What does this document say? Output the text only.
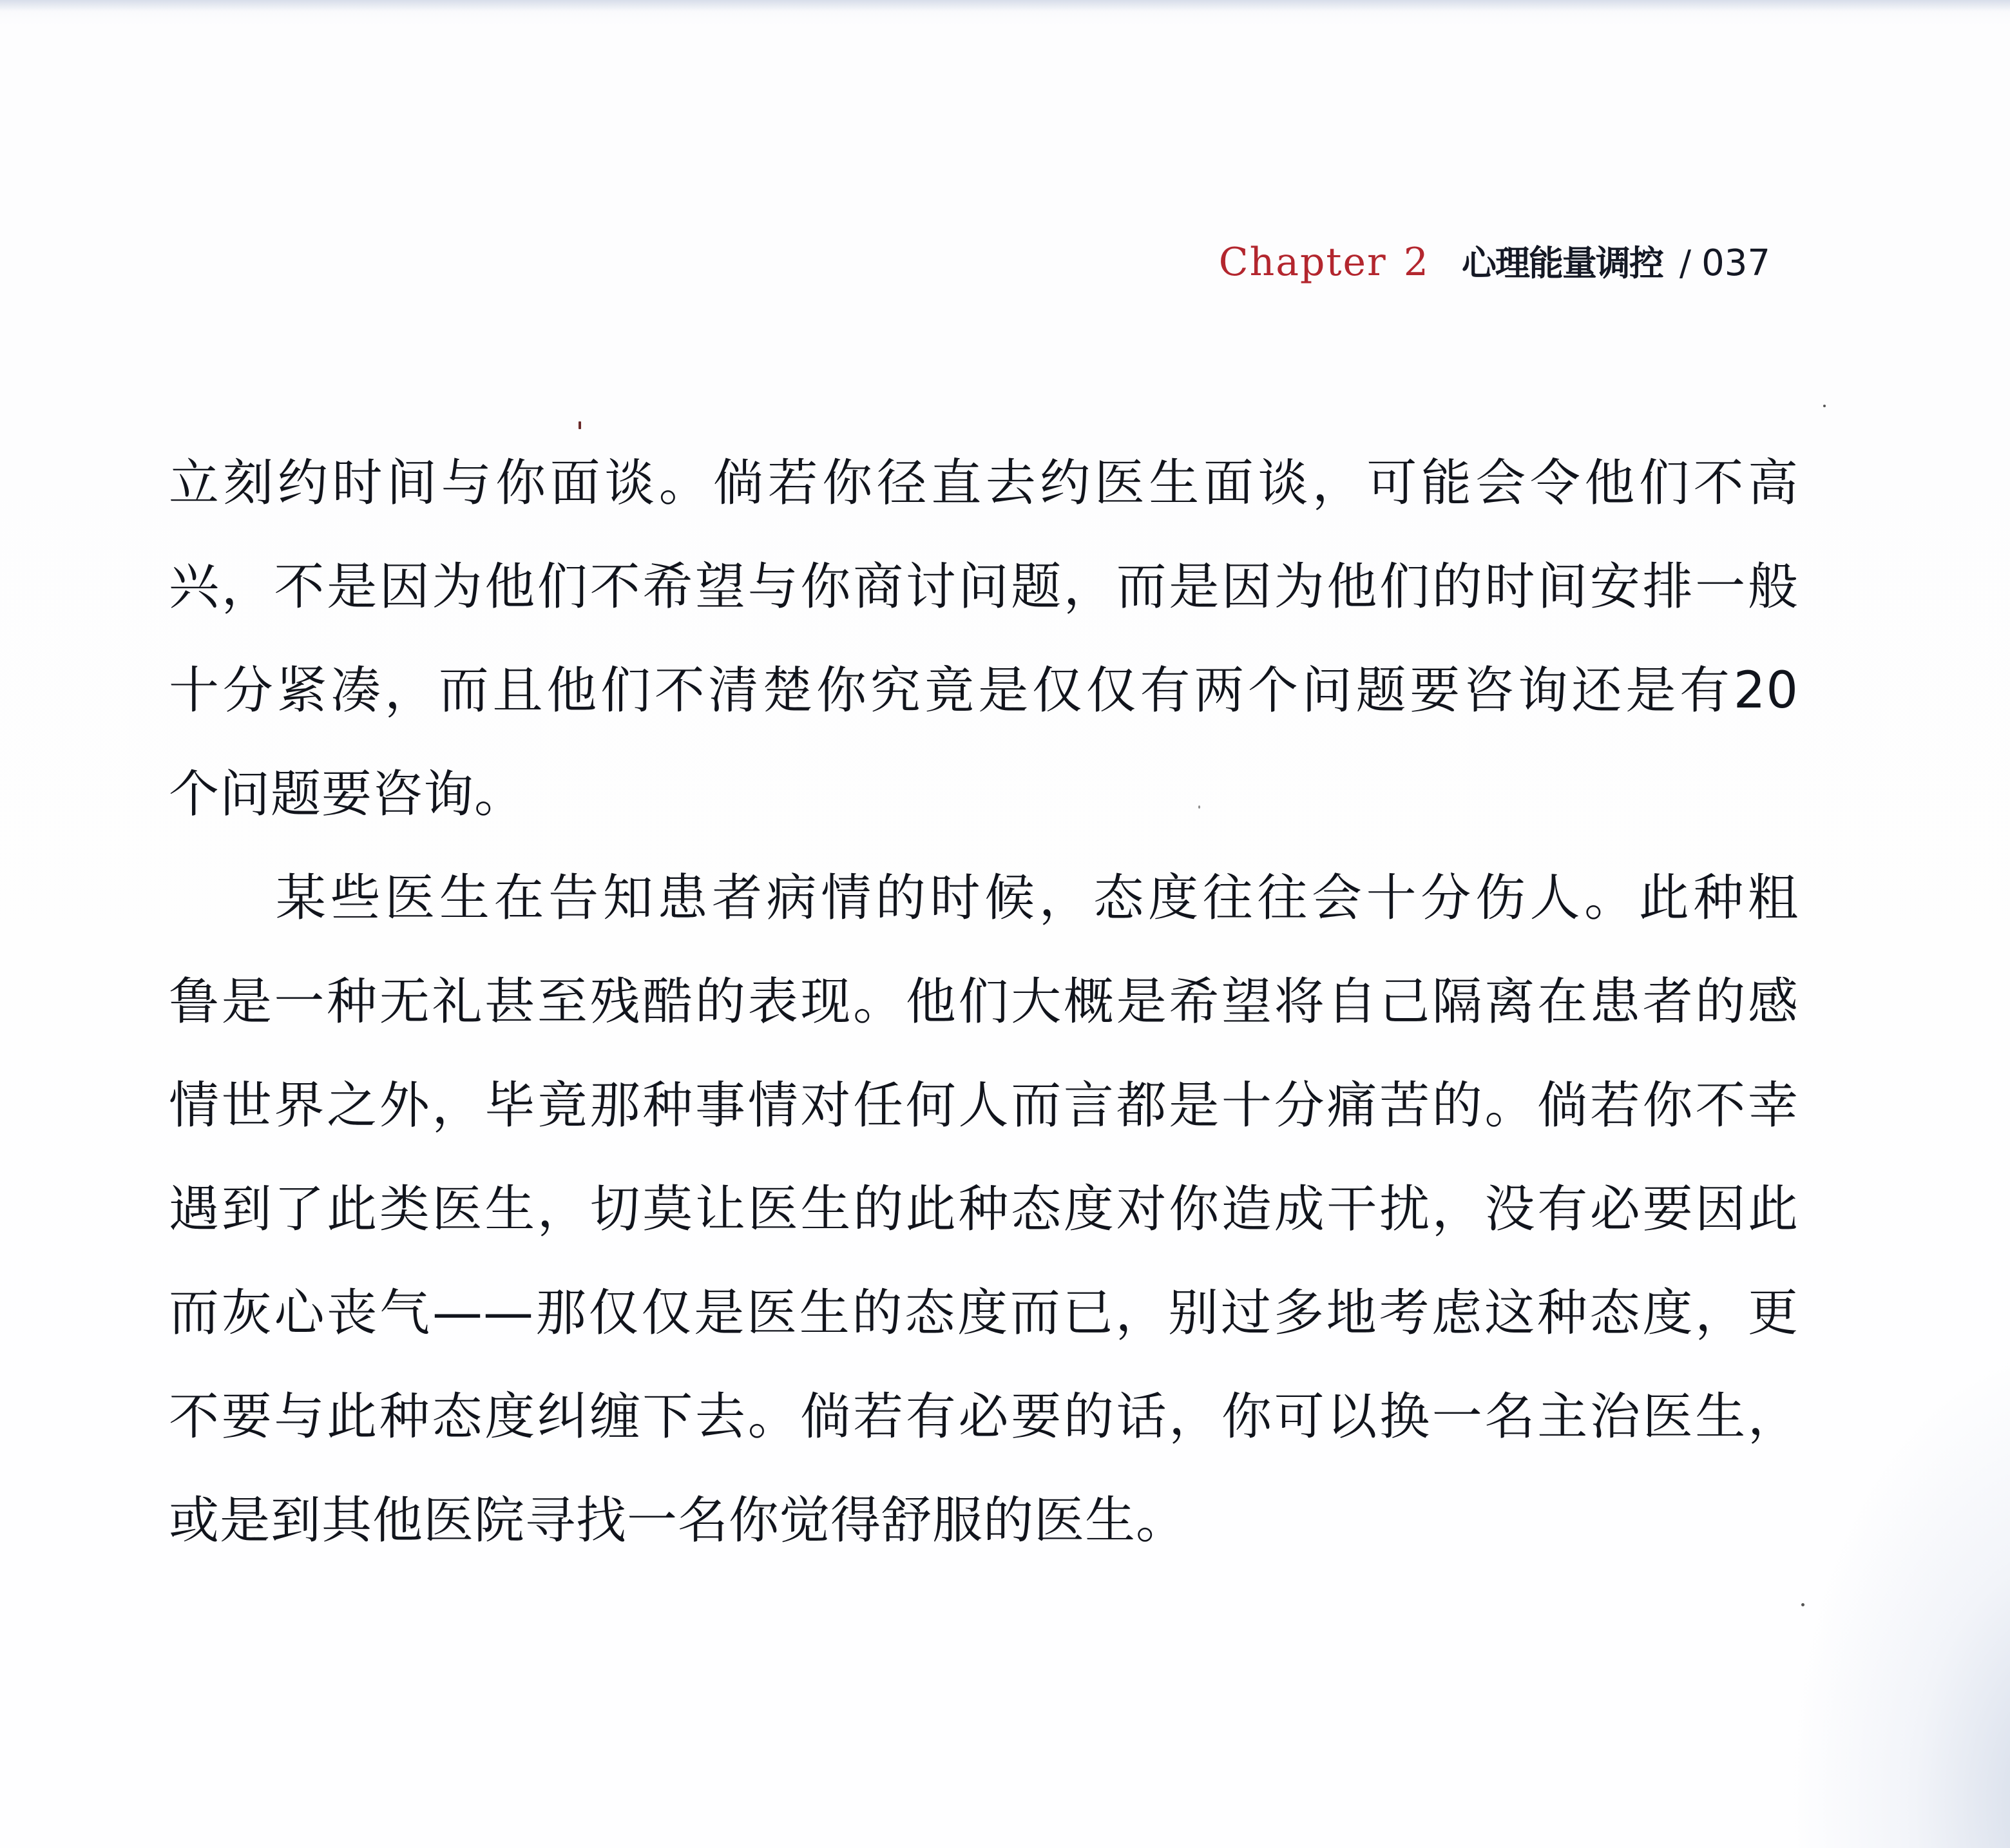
Chapter 2 心理能量调控 / 037
立刻约时间与你面谈。倘若你径直去约医生面谈，可能会令他们不高
兴，不是因为他们不希望与你商讨问题，而是因为他们的时间安排一般
十分紧凑，而且他们不清楚你究竟是仅仅有两个问题要咨询还是有20
个问题要咨询。
某些医生在告知患者病情的时候，态度往往会十分伤人。此种粗
鲁是一种无礼甚至残酷的表现。他们大概是希望将自己隔离在患者的感
情世界之外，毕竟那种事情对任何人而言都是十分痛苦的。倘若你不幸
遇到了此类医生，切莫让医生的此种态度对你造成干扰，没有必要因此
而灰心丧气——那仅仅是医生的态度而已，别过多地考虑这种态度，更
不要与此种态度纠缠下去。倘若有必要的话，你可以换一名主治医生，
或是到其他医院寻找一名你觉得舒服的医生。
